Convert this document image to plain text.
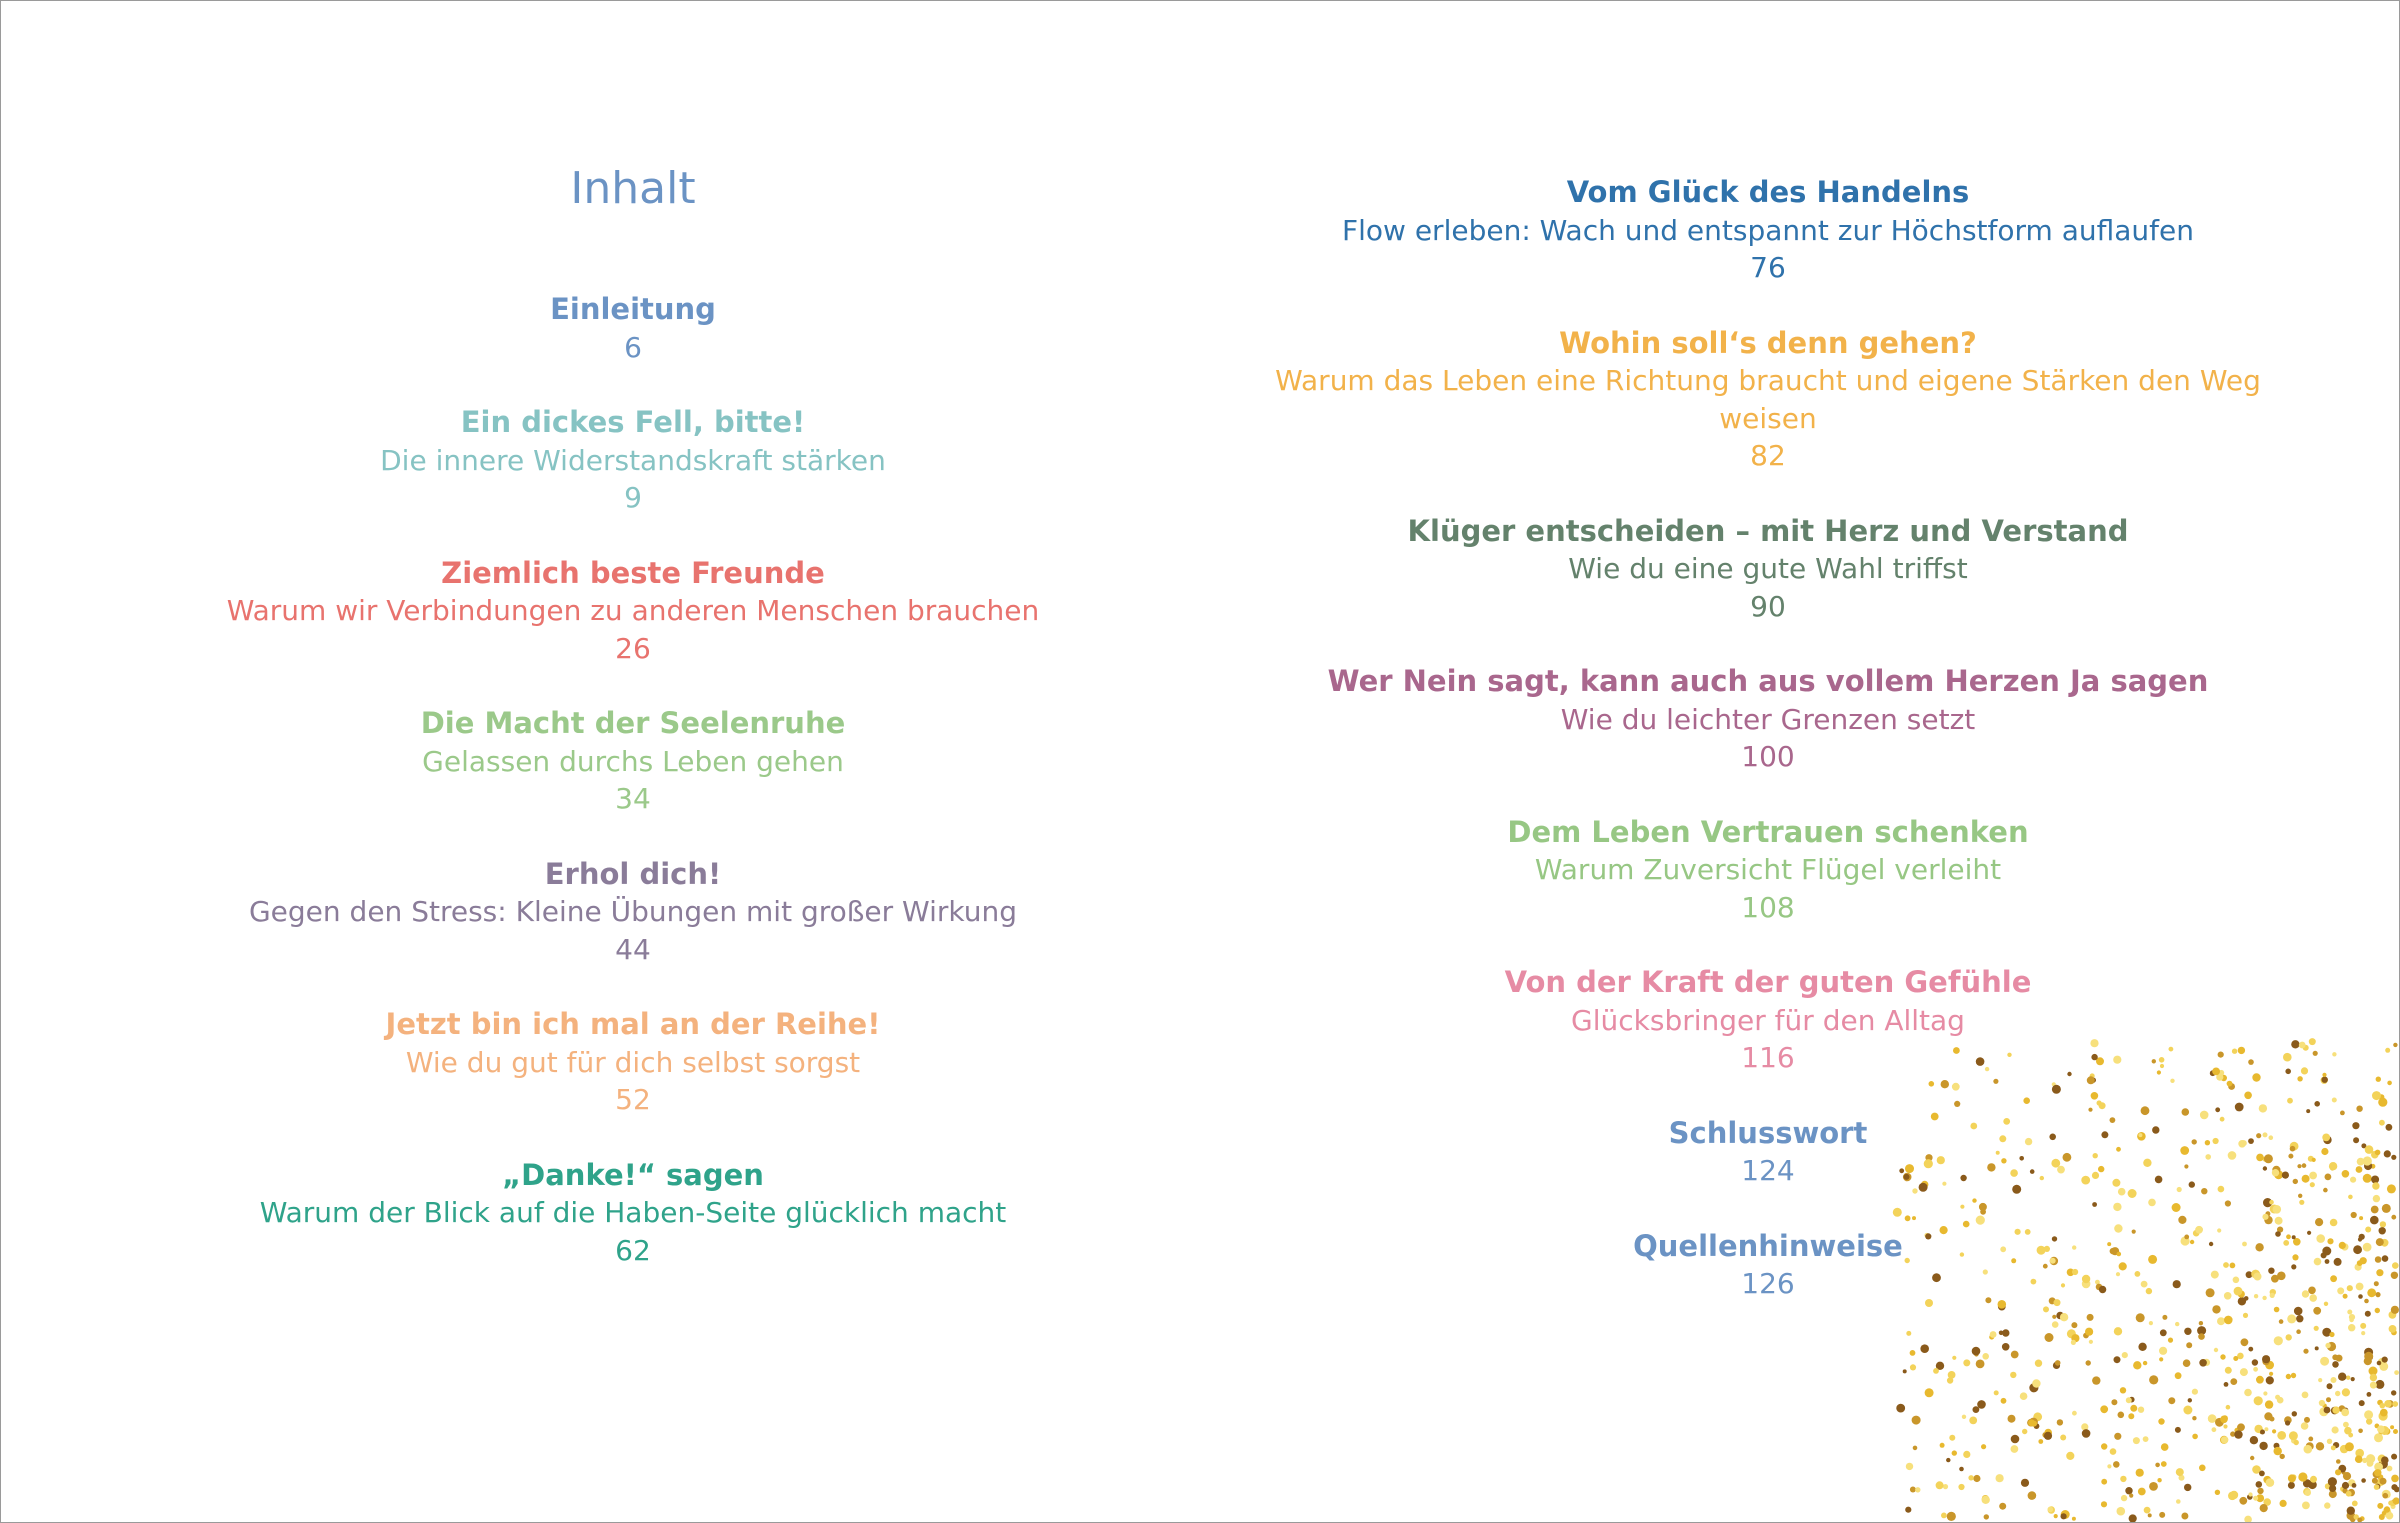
Inhalt
Einleitung
6
Ein dickes Fell, bitte!
Die innere Widerstandskraft stärken
9
Ziemlich beste Freunde
Warum wir Verbindungen zu anderen Menschen brauchen
26
Die Macht der Seelenruhe
Gelassen durchs Leben gehen
34
Erhol dich!
Gegen den Stress: Kleine Übungen mit großer Wirkung
44
Jetzt bin ich mal an der Reihe!
Wie du gut für dich selbst sorgst
52
„Danke!“ sagen
Warum der Blick auf die Haben-Seite glücklich macht
62
Vom Glück des Handelns
Flow erleben: Wach und entspannt zur Höchstform auflaufen
76
Wohin soll‘s denn gehen?
Warum das Leben eine Richtung braucht und eigene Stärken den Weg weisen
82
Klüger entscheiden – mit Herz und Verstand
Wie du eine gute Wahl triffst
90
Wer Nein sagt, kann auch aus vollem Herzen Ja sagen
Wie du leichter Grenzen setzt
100
Dem Leben Vertrauen schenken
Warum Zuversicht Flügel verleiht
108
Von der Kraft der guten Gefühle
Glücksbringer für den Alltag
116
Schlusswort
124
Quellenhinweise
126
